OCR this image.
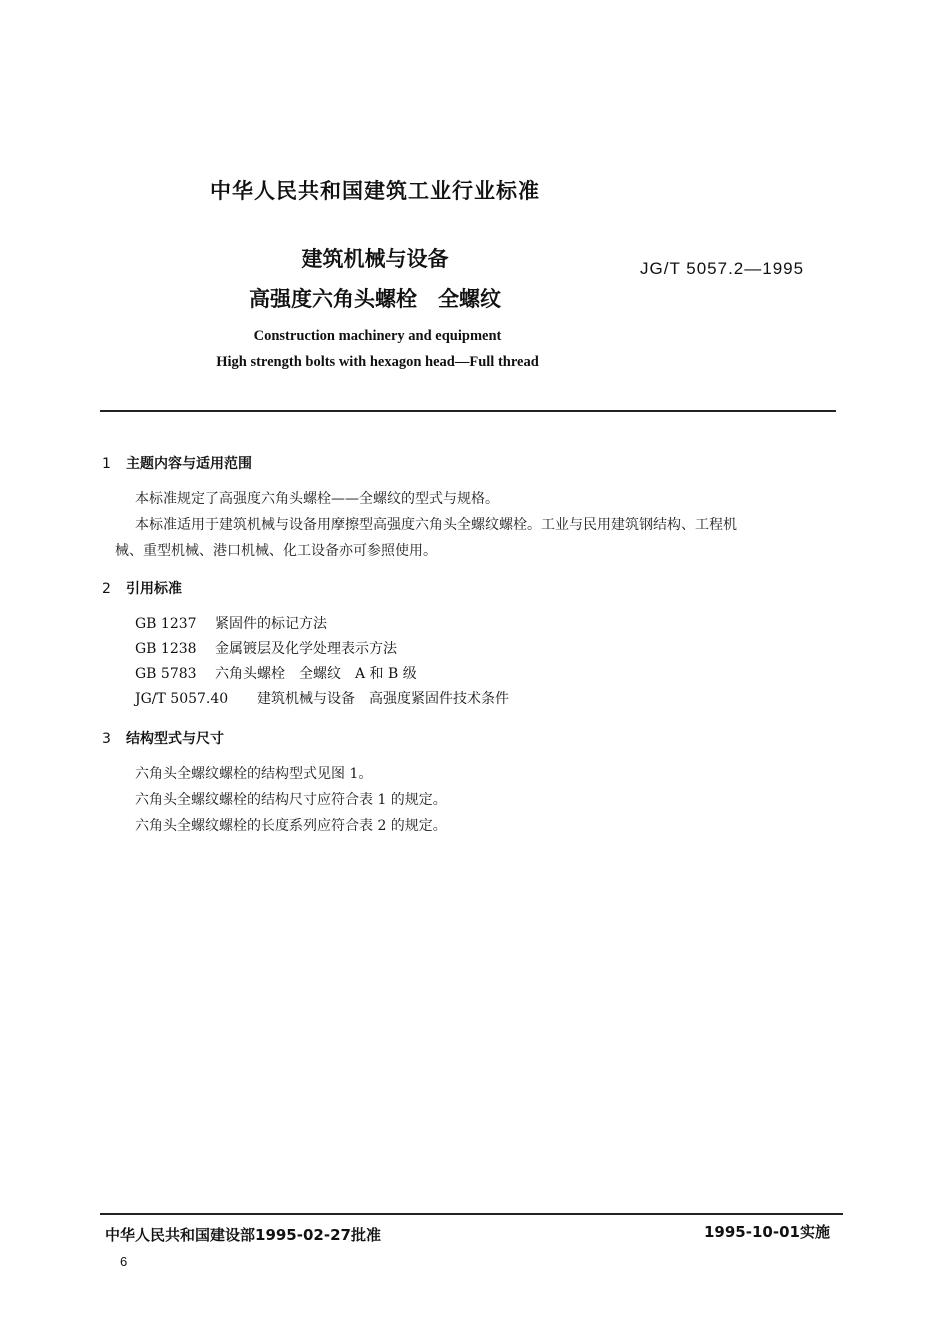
中华人民共和国建筑工业行业标准
建筑机械与设备
高强度六角头螺栓　全螺纹
JG/T 5057.2—1995
Construction machinery and equipment
High strength bolts with hexagon head—Full thread
1 主题内容与适用范围
本标准规定了高强度六角头螺栓——全螺纹的型式与规格。
本标准适用于建筑机械与设备用摩擦型高强度六角头全螺纹螺栓。工业与民用建筑钢结构、工程机
械、重型机械、港口机械、化工设备亦可参照使用。
2 引用标准
GB 1237 紧固件的标记方法
GB 1238 金属镀层及化学处理表示方法
GB 5783 六角头螺栓　全螺纹　A 和 B 级
JG/T 5057.40 建筑机械与设备　高强度紧固件技术条件
3 结构型式与尺寸
六角头全螺纹螺栓的结构型式见图 1。
六角头全螺纹螺栓的结构尺寸应符合表 1 的规定。
六角头全螺纹螺栓的长度系列应符合表 2 的规定。
中华人民共和国建设部1995-02-27批准	1995-10-01实施
6
